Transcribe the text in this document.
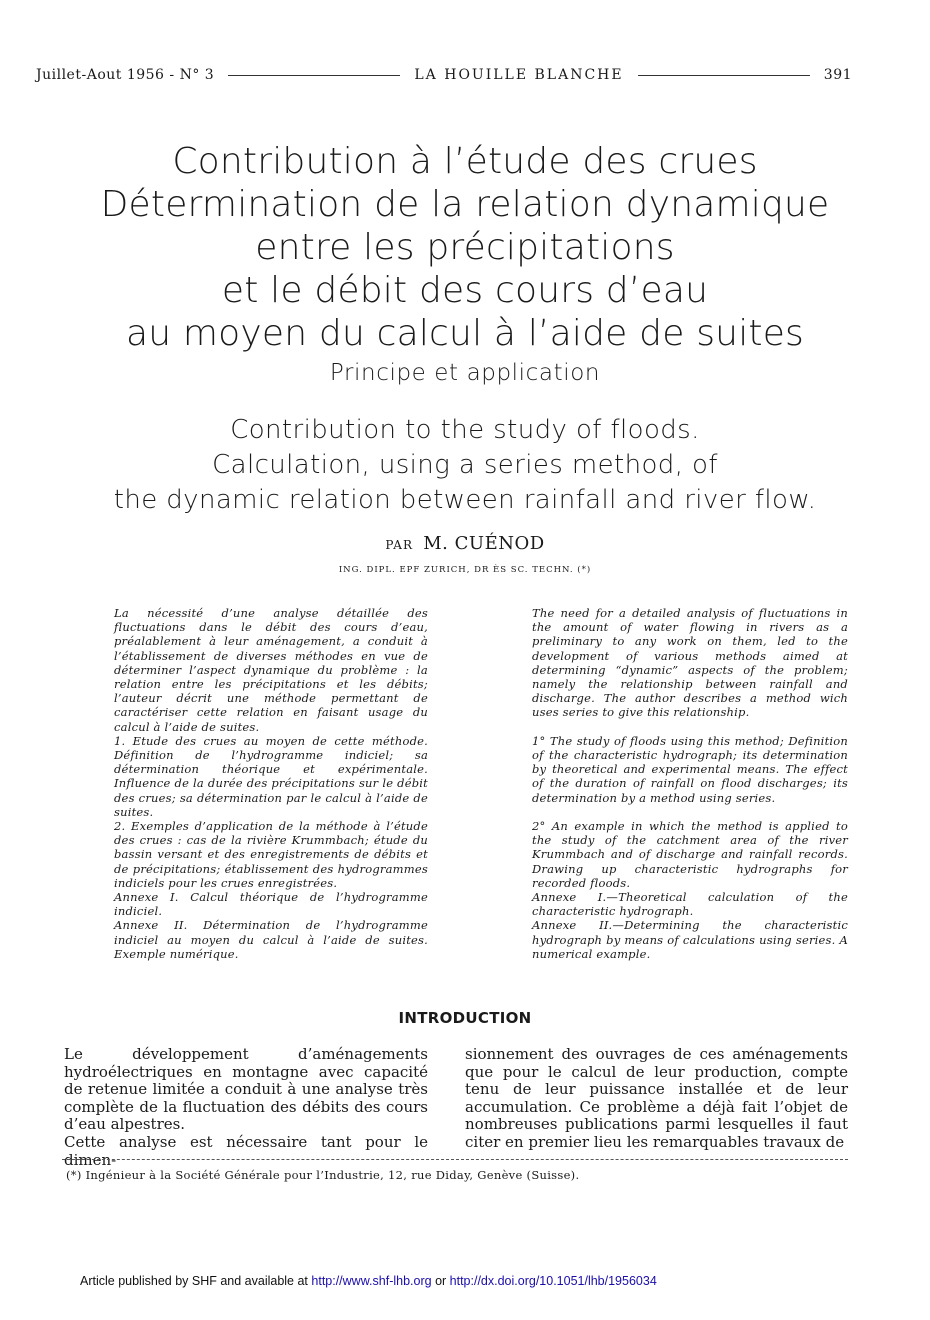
Juillet-Aout 1956 - N° 3	LA HOUILLE BLANCHE	391
Contribution à l’étude des crues
Détermination de la relation dynamique
entre les précipitations
et le débit des cours d’eau
au moyen du calcul à l’aide de suites
Principe et application
Contribution to the study of floods.
Calculation, using a series method, of
the dynamic relation between rainfall and river flow.
PAR M. CUÉNOD
ING. DIPL. EPF ZURICH, DR ÈS SC. TECHN. (*)
La nécessité d’une analyse détaillée des fluctuations dans le débit des cours d’eau, préalablement à leur aménagement, a conduit à l’établissement de diverses méthodes en vue de déterminer l’aspect dynamique du problème : la relation entre les précipitations et les débits; l’auteur décrit une méthode permettant de caractériser cette relation en faisant usage du calcul à l’aide de suites.
1. Etude des crues au moyen de cette méthode. Définition de l’hydrogramme indiciel; sa détermination théorique et expérimentale. Influence de la durée des précipitations sur le débit des crues; sa détermination par le calcul à l’aide de suites.
2. Exemples d’application de la méthode à l’étude des crues : cas de la rivière Krummbach; étude du bassin versant et des enregistrements de débits et de précipitations; établissement des hydrogrammes indiciels pour les crues enregistrées.
Annexe I. Calcul théorique de l’hydrogramme indiciel.
Annexe II. Détermination de l’hydrogramme indiciel au moyen du calcul à l’aide de suites. Exemple numérique.
The need for a detailed analysis of fluctuations in the amount of water flowing in rivers as a preliminary to any work on them, led to the development of various methods aimed at determining “dynamic” aspects of the problem; namely the relationship between rainfall and discharge. The author describes a method wich uses series to give this relationship.

1° The study of floods using this method; Definition of the characteristic hydrograph; its determination by theoretical and experimental means. The effect of the duration of rainfall on flood discharges; its determination by a method using series.

2° An example in which the method is applied to the study of the catchment area of the river Krummbach and of discharge and rainfall records. Drawing up characteristic hydrographs for recorded floods.
Annexe I.—Theoretical calculation of the characteristic hydrograph.
Annexe II.—Determining the characteristic hydrograph by means of calculations using series. A numerical example.
INTRODUCTION
Le développement d’aménagements hydroélectriques en montagne avec capacité de retenue limitée a conduit à une analyse très complète de la fluctuation des débits des cours d’eau alpestres.
Cette analyse est nécessaire tant pour le dimen-
sionnement des ouvrages de ces aménagements que pour le calcul de leur production, compte tenu de leur puissance installée et de leur accumulation. Ce problème a déjà fait l’objet de nombreuses publications parmi lesquelles il faut citer en premier lieu les remarquables travaux de
(*) Ingénieur à la Société Générale pour l’Industrie, 12, rue Diday, Genève (Suisse).
Article published by SHF and available at http://www.shf-lhb.org or http://dx.doi.org/10.1051/lhb/1956034
